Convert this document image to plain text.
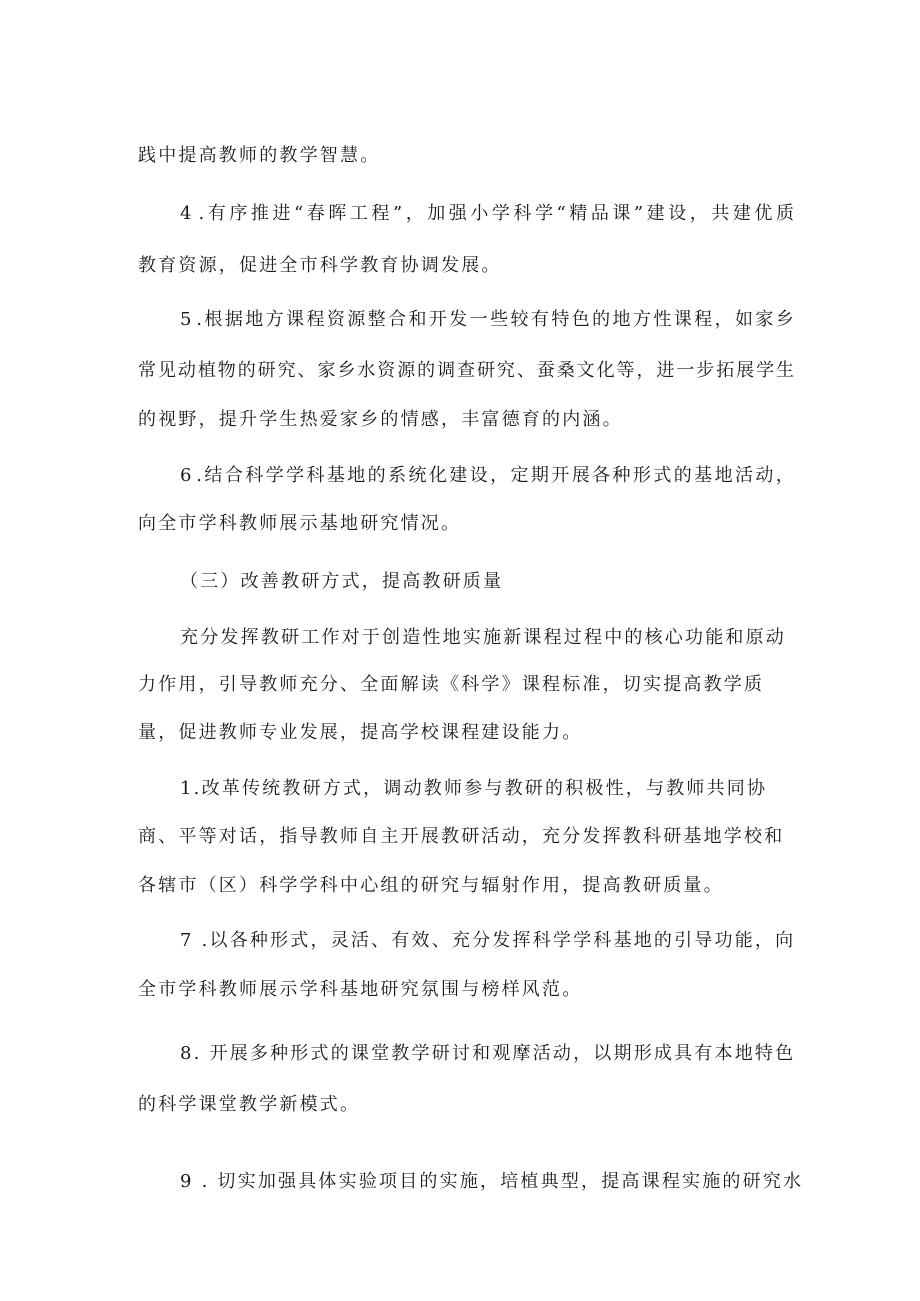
践中提高教师的教学智慧。

4 . 有 序 推 进 “ 春 晖 工 程 ” ， 加 强 小 学 科 学 “ 精 品 课 ” 建 设 ， 共 建 优 质

教育资源，促进全市科学教育协调发展。

5 . 根 据 地 方 课 程 资 源 整 合 和 开 发 一 些 较 有 特 色 的 地 方 性 课 程 ， 如 家 乡

常 见 动 植 物 的 研 究 、 家 乡 水 资 源 的 调 查 研 究 、 蚕 桑 文 化 等 ， 进 一 步 拓 展 学 生

的视野，提升学生热爱家乡的情感，丰富德育的内涵。

6 . 结 合 科 学 学 科 基 地 的 系 统 化 建 设 ， 定 期 开 展 各 种 形 式 的 基 地 活 动 ，

向全市学科教师展示基地研究情况。

（三）改善教研方式，提高教研质量

充分发挥教研工作对于创造性地实施新课程过程中的核心功能和原动

力作用，引导教师充分、全面解读《科学》课程标准，切实提高教学质

量，促进教师专业发展，提高学校课程建设能力。

1.改革传统教研方式，调动教师参与教研的积极性，与教师共同协

商、平等对话，指导教师自主开展教研活动，充分发挥教科研基地学校和

各辖市（区）科学学科中心组的研究与辐射作用，提高教研质量。

7 .以各种形式，灵活、有效、充分发挥科学学科基地的引导功能，向

全市学科教师展示学科基地研究氛围与榜样风范。

8. 开展多种形式的课堂教学研讨和观摩活动，以期形成具有本地特色

的科学课堂教学新模式。

9 . 切实加强具体实验项目的实施，培植典型，提高课程实施的研究水
